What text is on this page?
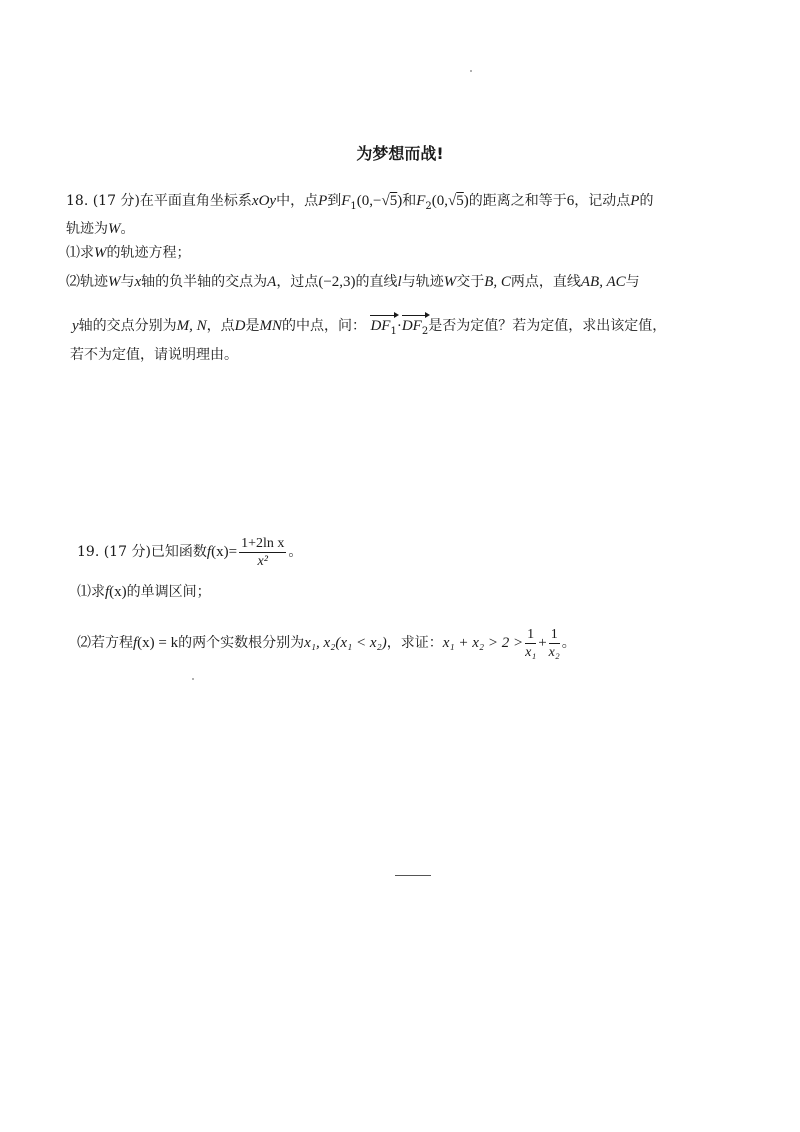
为梦想而战!
18. (17 分)在平面直角坐标系xOy中，点P到$F_1(0,-√5)$和$F_2(0,√5)$的距离之和等于6，记动点P的
轨迹为W。
⑴求W的轨迹方程；
⑵轨迹W与x轴的负半轴的交点为A，过点(−2,3)的直线l与轨迹W交于B, C两点，直线AB, AC与
y轴的交点分别为M, N，点D是MN的中点，问： $DF_1\cdot DF_2$是否为定值？若为定值，求出该定值，
若不为定值，请说明理由。
19. (17 分)已知函数$f(x)= \frac{\text{1+2ln x}}{\text{x²}}$ 。
⑴求f(x)的单调区间；
⑵若方程f(x) = k的两个实数根分别为x₁, x₂(x₁ < x₂)，求证：$x_1 + x_2 > 2 > \frac{1}{\text{x₁}} + \frac{1}{\text{x₂}}$ 。
